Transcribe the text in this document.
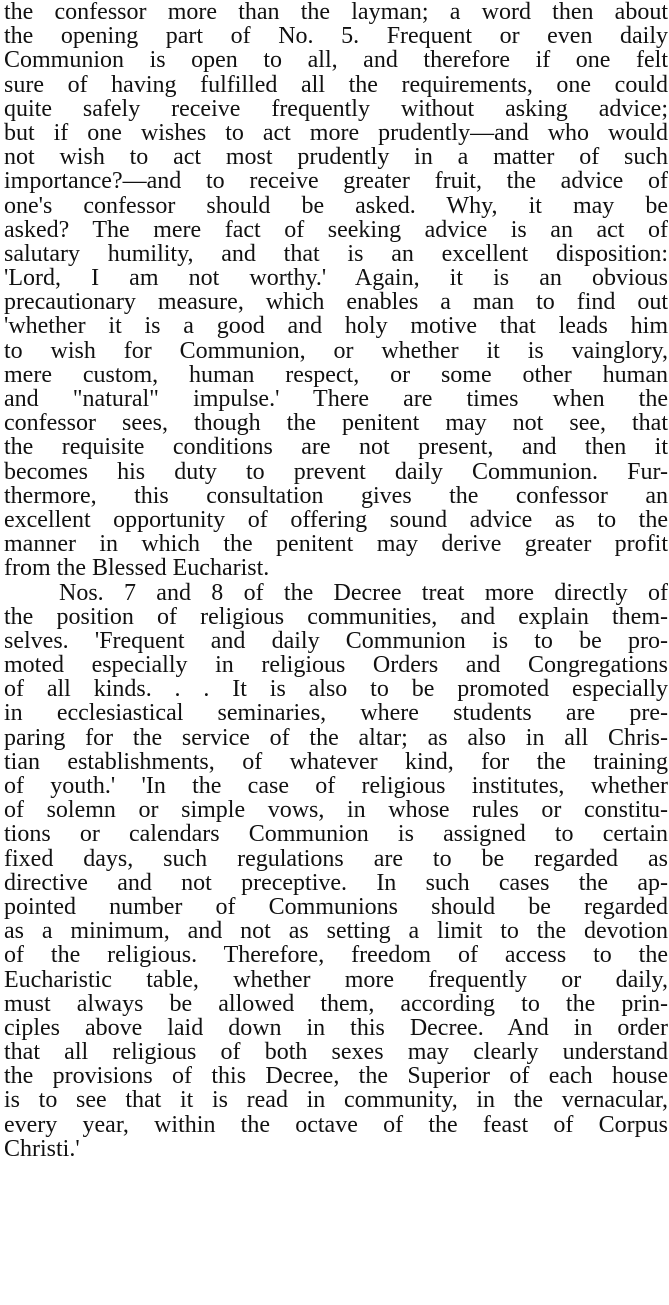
the confessor more than the layman; a word then about
the opening part of No. 5. Frequent or even daily
Communion is open to all, and therefore if one felt
sure of having fulfilled all the requirements, one could
quite safely receive frequently without asking advice;
but if one wishes to act more prudently—and who would
not wish to act most prudently in a matter of such
importance?—and to receive greater fruit, the advice of
one's confessor should be asked. Why, it may be
asked? The mere fact of seeking advice is an act of
salutary humility, and that is an excellent disposition:
'Lord, I am not worthy.' Again, it is an obvious
precautionary measure, which enables a man to find out
'whether it is a good and holy motive that leads him
to wish for Communion, or whether it is vainglory,
mere custom, human respect, or some other human
and "natural" impulse.' There are times when the
confessor sees, though the penitent may not see, that
the requisite conditions are not present, and then it
becomes his duty to prevent daily Communion. Fur-
thermore, this consultation gives the confessor an
excellent opportunity of offering sound advice as to the
manner in which the penitent may derive greater profit
from the Blessed Eucharist.
Nos. 7 and 8 of the Decree treat more directly of
the position of religious communities, and explain them-
selves. 'Frequent and daily Communion is to be pro-
moted especially in religious Orders and Congregations
of all kinds. . . It is also to be promoted especially
in ecclesiastical seminaries, where students are pre-
paring for the service of the altar; as also in all Chris-
tian establishments, of whatever kind, for the training
of youth.' 'In the case of religious institutes, whether
of solemn or simple vows, in whose rules or constitu-
tions or calendars Communion is assigned to certain
fixed days, such regulations are to be regarded as
directive and not preceptive. In such cases the ap-
pointed number of Communions should be regarded
as a minimum, and not as setting a limit to the devotion
of the religious. Therefore, freedom of access to the
Eucharistic table, whether more frequently or daily,
must always be allowed them, according to the prin-
ciples above laid down in this Decree. And in order
that all religious of both sexes may clearly understand
the provisions of this Decree, the Superior of each house
is to see that it is read in community, in the vernacular,
every year, within the octave of the feast of Corpus
Christi.'
